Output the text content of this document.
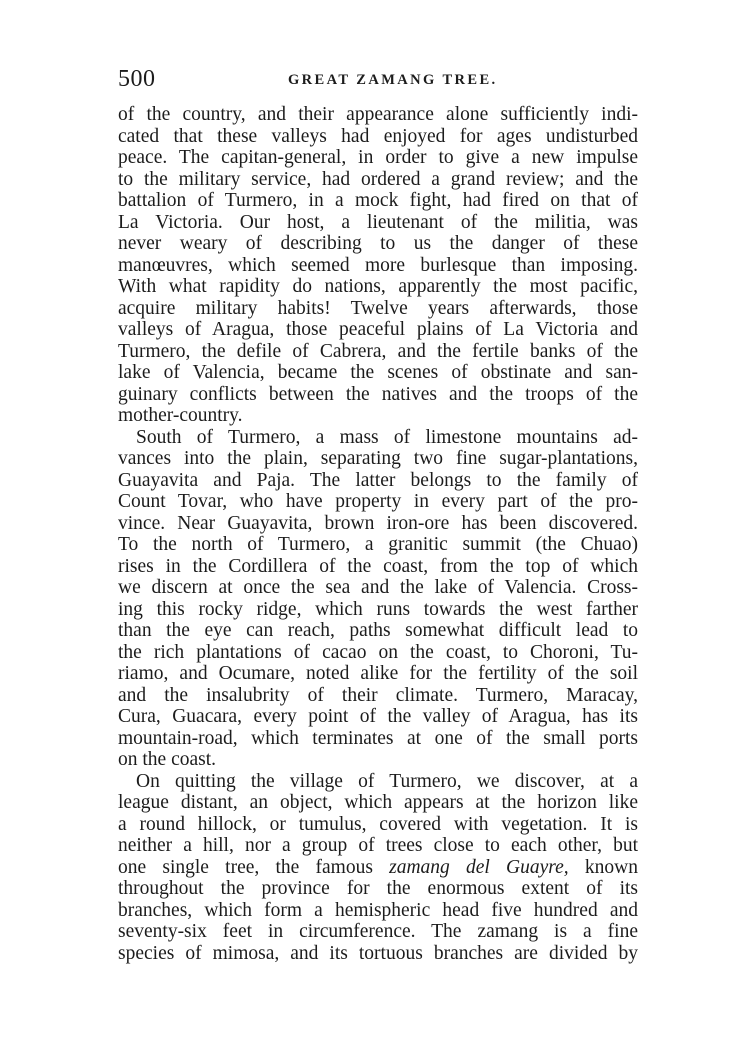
500	GREAT ZAMANG TREE.
of the country, and their appearance alone sufficiently indi-
cated that these valleys had enjoyed for ages undisturbed
peace. The capitan-general, in order to give a new impulse
to the military service, had ordered a grand review; and the
battalion of Turmero, in a mock fight, had fired on that of
La Victoria. Our host, a lieutenant of the militia, was
never weary of describing to us the danger of these
manœuvres, which seemed more burlesque than imposing.
With what rapidity do nations, apparently the most pacific,
acquire military habits! Twelve years afterwards, those
valleys of Aragua, those peaceful plains of La Victoria and
Turmero, the defile of Cabrera, and the fertile banks of the
lake of Valencia, became the scenes of obstinate and san-
guinary conflicts between the natives and the troops of the
mother-country.
South of Turmero, a mass of limestone mountains ad-
vances into the plain, separating two fine sugar-plantations,
Guayavita and Paja. The latter belongs to the family of
Count Tovar, who have property in every part of the pro-
vince. Near Guayavita, brown iron-ore has been discovered.
To the north of Turmero, a granitic summit (the Chuao)
rises in the Cordillera of the coast, from the top of which
we discern at once the sea and the lake of Valencia. Cross-
ing this rocky ridge, which runs towards the west farther
than the eye can reach, paths somewhat difficult lead to
the rich plantations of cacao on the coast, to Choroni, Tu-
riamo, and Ocumare, noted alike for the fertility of the soil
and the insalubrity of their climate. Turmero, Maracay,
Cura, Guacara, every point of the valley of Aragua, has its
mountain-road, which terminates at one of the small ports
on the coast.
On quitting the village of Turmero, we discover, at a
league distant, an object, which appears at the horizon like
a round hillock, or tumulus, covered with vegetation. It is
neither a hill, nor a group of trees close to each other, but
one single tree, the famous zamang del Guayre, known
throughout the province for the enormous extent of its
branches, which form a hemispheric head five hundred and
seventy-six feet in circumference. The zamang is a fine
species of mimosa, and its tortuous branches are divided by
